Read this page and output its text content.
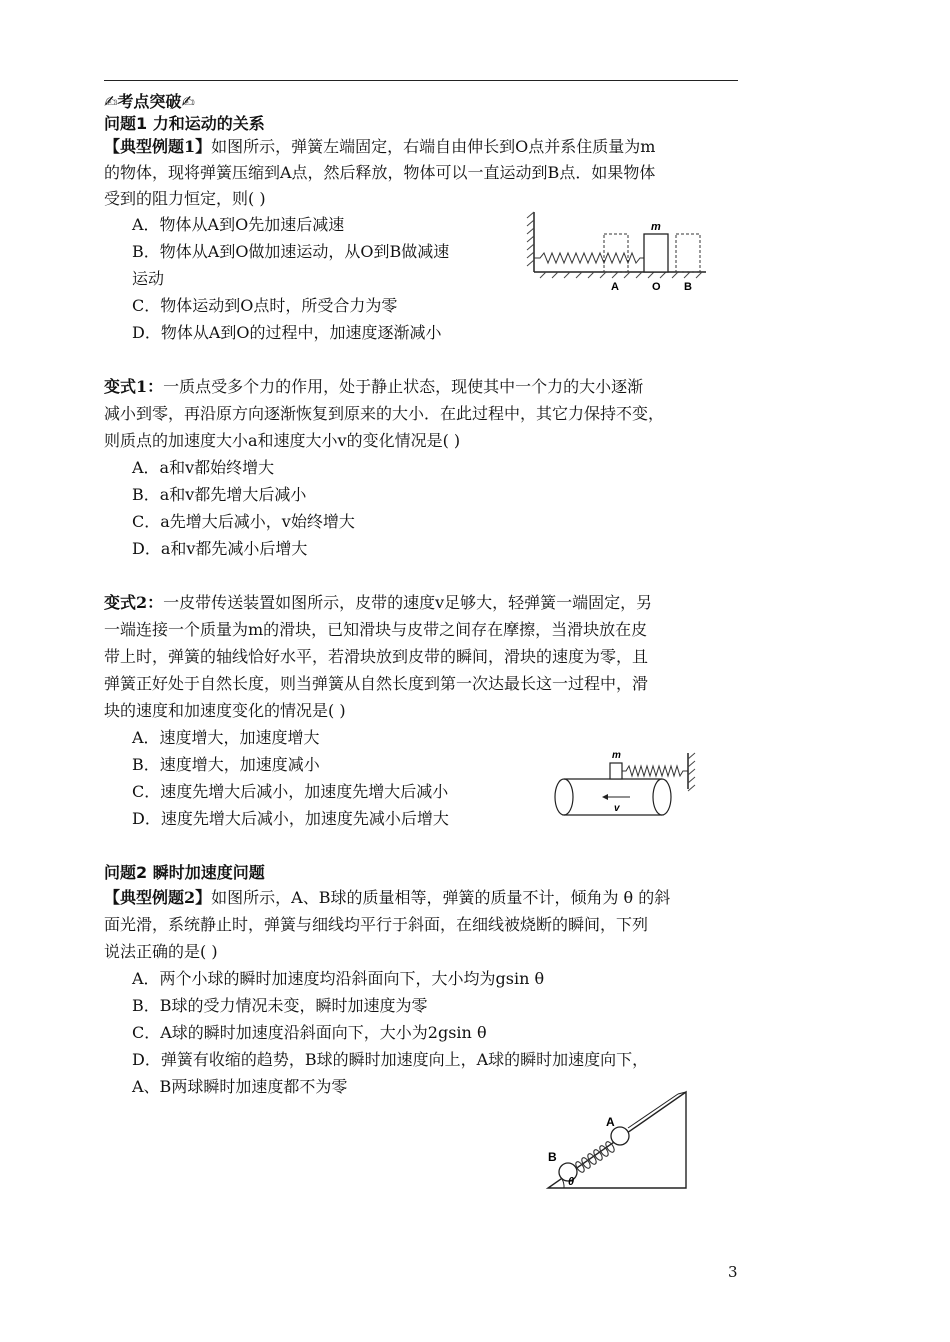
✍考点突破✍
问题1 力和运动的关系
【典型例题1】如图所示，弹簧左端固定，右端自由伸长到O点并系住质量为m
的物体，现将弹簧压缩到A点，然后释放，物体可以一直运动到B点．如果物体
受到的阻力恒定，则( )
A．物体从A到O先加速后减速
B．物体从A到O做加速运动，从O到B做减速
运动
C．物体运动到O点时，所受合力为零
D．物体从A到O的过程中，加速度逐渐减小
m
A	O B
变式1：一质点受多个力的作用，处于静止状态，现使其中一个力的大小逐渐
减小到零，再沿原方向逐渐恢复到原来的大小．在此过程中，其它力保持不变，
则质点的加速度大小a和速度大小v的变化情况是( )
A．a和v都始终增大
B．a和v都先增大后减小
C．a先增大后减小，v始终增大
D．a和v都先减小后增大
变式2：一皮带传送装置如图所示，皮带的速度v足够大，轻弹簧一端固定，另
一端连接一个质量为m的滑块，已知滑块与皮带之间存在摩擦，当滑块放在皮
带上时，弹簧的轴线恰好水平，若滑块放到皮带的瞬间，滑块的速度为零，且
弹簧正好处于自然长度，则当弹簧从自然长度到第一次达最长这一过程中，滑
块的速度和加速度变化的情况是( )
A．速度增大，加速度增大
B．速度增大，加速度减小
C．速度先增大后减小，加速度先增大后减小
D．速度先增大后减小，加速度先减小后增大
v
m
问题2 瞬时加速度问题
【典型例题2】如图所示，A、B球的质量相等，弹簧的质量不计，倾角为 θ 的斜
面光滑，系统静止时，弹簧与细线均平行于斜面，在细线被烧断的瞬间，下列
说法正确的是( )
A．两个小球的瞬时加速度均沿斜面向下，大小均为gsin θ
B．B球的受力情况未变，瞬时加速度为零
C．A球的瞬时加速度沿斜面向下，大小为2gsin θ
D．弹簧有收缩的趋势，B球的瞬时加速度向上，A球的瞬时加速度向下，
A、B两球瞬时加速度都不为零
A
B
θ
3
